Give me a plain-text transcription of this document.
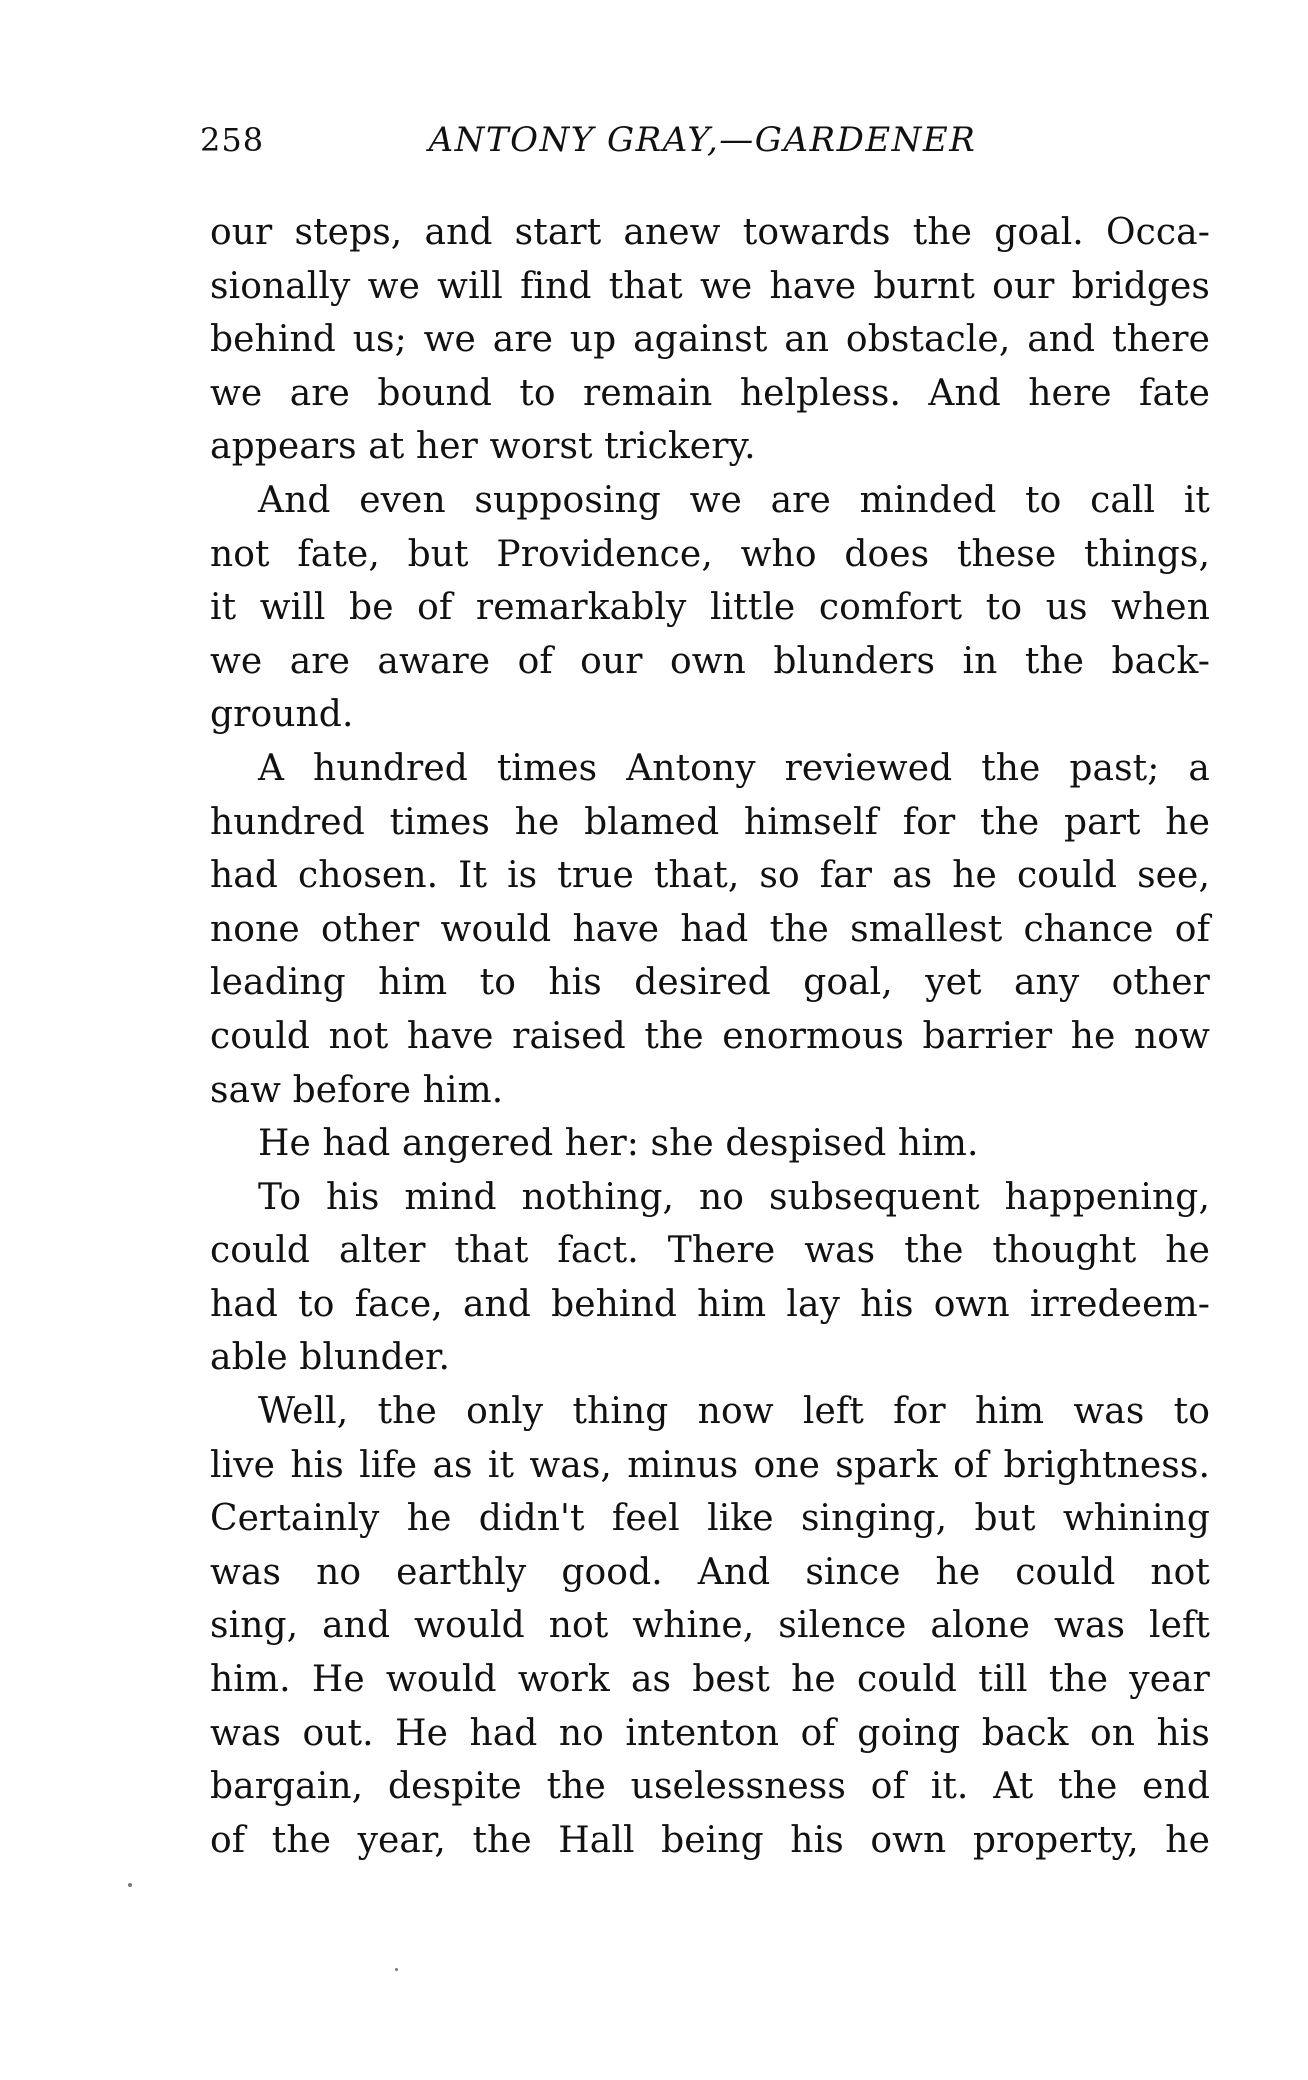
258	ANTONY GRAY,—GARDENER
our steps, and start anew towards the goal. Occa-
sionally we will find that we have burnt our bridges
behind us; we are up against an obstacle, and there
we are bound to remain helpless. And here fate
appears at her worst trickery.
And even supposing we are minded to call it
not fate, but Providence, who does these things,
it will be of remarkably little comfort to us when
we are aware of our own blunders in the back-
ground.
A hundred times Antony reviewed the past; a
hundred times he blamed himself for the part he
had chosen. It is true that, so far as he could see,
none other would have had the smallest chance of
leading him to his desired goal, yet any other
could not have raised the enormous barrier he now
saw before him.
He had angered her: she despised him.
To his mind nothing, no subsequent happening,
could alter that fact. There was the thought he
had to face, and behind him lay his own irredeem-
able blunder.
Well, the only thing now left for him was to
live his life as it was, minus one spark of brightness.
Certainly he didn't feel like singing, but whining
was no earthly good. And since he could not
sing, and would not whine, silence alone was left
him. He would work as best he could till the year
was out. He had no intenton of going back on his
bargain, despite the uselessness of it. At the end
of the year, the Hall being his own property, he
